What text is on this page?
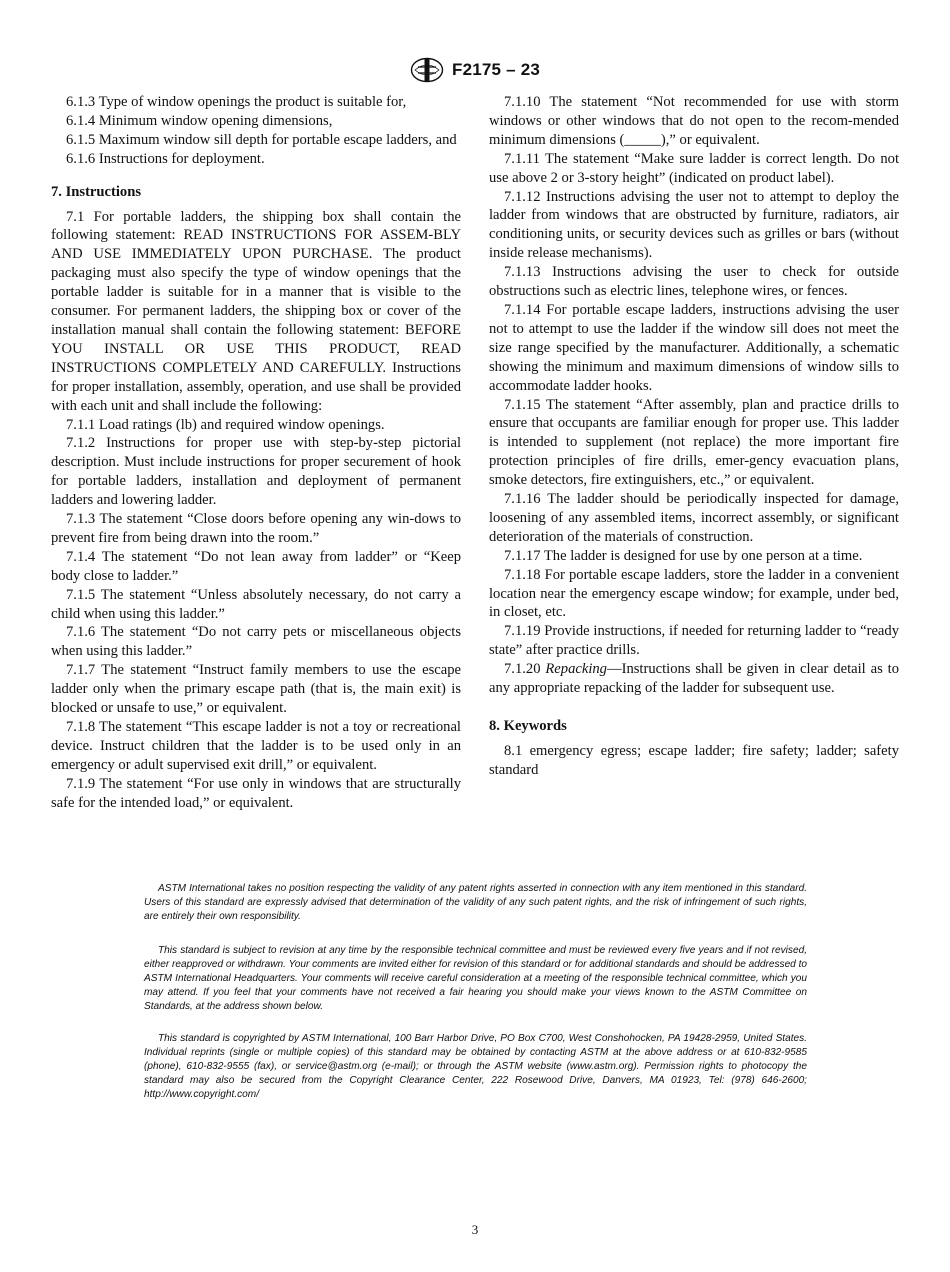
F2175 – 23

6.1.3 Type of window openings the product is suitable for,

6.1.4 Minimum window opening dimensions,

6.1.5 Maximum window sill depth for portable escape ladders, and

6.1.6 Instructions for deployment.

7. Instructions

7.1 For portable ladders, the shipping box shall contain the following statement: READ INSTRUCTIONS FOR ASSEM-BLY AND USE IMMEDIATELY UPON PURCHASE. The product packaging must also specify the type of window openings that the portable ladder is suitable for in a manner that is visible to the consumer. For permanent ladders, the shipping box or cover of the installation manual shall contain the following statement: BEFORE YOU INSTALL OR USE THIS PRODUCT, READ INSTRUCTIONS COMPLETELY AND CAREFULLY. Instructions for proper installation, assembly, operation, and use shall be provided with each unit and shall include the following:

7.1.1 Load ratings (lb) and required window openings.

7.1.2 Instructions for proper use with step-by-step pictorial description. Must include instructions for proper securement of hook for portable ladders, installation and deployment of permanent ladders and lowering ladder.

7.1.3 The statement “Close doors before opening any win-dows to prevent fire from being drawn into the room.”

7.1.4 The statement “Do not lean away from ladder” or “Keep body close to ladder.”

7.1.5 The statement “Unless absolutely necessary, do not carry a child when using this ladder.”

7.1.6 The statement “Do not carry pets or miscellaneous objects when using this ladder.”

7.1.7 The statement “Instruct family members to use the escape ladder only when the primary escape path (that is, the main exit) is blocked or unsafe to use,” or equivalent.

7.1.8 The statement “This escape ladder is not a toy or recreational device. Instruct children that the ladder is to be used only in an emergency or adult supervised exit drill,” or equivalent.

7.1.9 The statement “For use only in windows that are structurally safe for the intended load,” or equivalent.

7.1.10 The statement “Not recommended for use with storm windows or other windows that do not open to the recom-mended minimum dimensions (_____),” or equivalent.

7.1.11 The statement “Make sure ladder is correct length. Do not use above 2 or 3-story height” (indicated on product label).

7.1.12 Instructions advising the user not to attempt to deploy the ladder from windows that are obstructed by furniture, radiators, air conditioning units, or security devices such as grilles or bars (without inside release mechanisms).

7.1.13 Instructions advising the user to check for outside obstructions such as electric lines, telephone wires, or fences.

7.1.14 For portable escape ladders, instructions advising the user not to attempt to use the ladder if the window sill does not meet the size range specified by the manufacturer. Additionally, a schematic showing the minimum and maximum dimensions of window sills to accommodate ladder hooks.

7.1.15 The statement “After assembly, plan and practice drills to ensure that occupants are familiar enough for proper use. This ladder is intended to supplement (not replace) the more important fire protection principles of fire drills, emer-gency evacuation plans, smoke detectors, fire extinguishers, etc.,” or equivalent.

7.1.16 The ladder should be periodically inspected for damage, loosening of any assembled items, incorrect assembly, or significant deterioration of the materials of construction.

7.1.17 The ladder is designed for use by one person at a time.

7.1.18 For portable escape ladders, store the ladder in a convenient location near the emergency escape window; for example, under bed, in closet, etc.

7.1.19 Provide instructions, if needed for returning ladder to “ready state” after practice drills.

7.1.20 Repacking—Instructions shall be given in clear detail as to any appropriate repacking of the ladder for subsequent use.

8. Keywords

8.1 emergency egress; escape ladder; fire safety; ladder; safety standard

ASTM International takes no position respecting the validity of any patent rights asserted in connection with any item mentioned in this standard. Users of this standard are expressly advised that determination of the validity of any such patent rights, and the risk of infringement of such rights, are entirely their own responsibility.

This standard is subject to revision at any time by the responsible technical committee and must be reviewed every five years and if not revised, either reapproved or withdrawn. Your comments are invited either for revision of this standard or for additional standards and should be addressed to ASTM International Headquarters. Your comments will receive careful consideration at a meeting of the responsible technical committee, which you may attend. If you feel that your comments have not received a fair hearing you should make your views known to the ASTM Committee on Standards, at the address shown below.

This standard is copyrighted by ASTM International, 100 Barr Harbor Drive, PO Box C700, West Conshohocken, PA 19428-2959, United States. Individual reprints (single or multiple copies) of this standard may be obtained by contacting ASTM at the above address or at 610-832-9585 (phone), 610-832-9555 (fax), or service@astm.org (e-mail); or through the ASTM website (www.astm.org). Permission rights to photocopy the standard may also be secured from the Copyright Clearance Center, 222 Rosewood Drive, Danvers, MA 01923, Tel: (978) 646-2600; http://www.copyright.com/

3
